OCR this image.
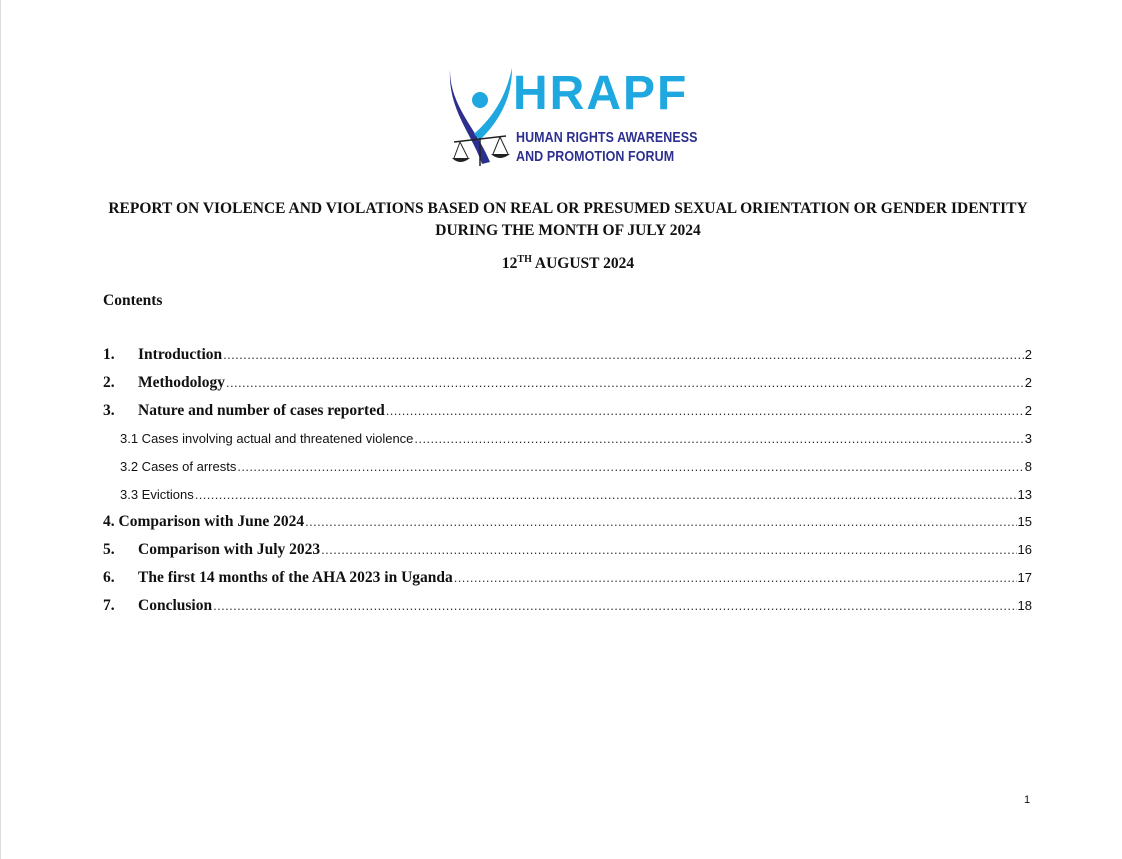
HRAPF
HUMAN RIGHTS AWARENESS
AND PROMOTION FORUM
REPORT ON VIOLENCE AND VIOLATIONS BASED ON REAL OR PRESUMED SEXUAL ORIENTATION OR GENDER IDENTITY DURING THE MONTH OF JULY 2024
12TH AUGUST 2024
Contents
1.	Introduction .....	2
2.	Methodology .....	2
3.	Nature and number of cases reported .....	2
3.1 Cases involving actual and threatened violence .....	3
3.2 Cases of arrests .....	8
3.3 Evictions .....	13
4. Comparison with June 2024 .....	15
5.	Comparison with July 2023 .....	16
6.	The first 14 months of the AHA 2023 in Uganda .....	17
7.	Conclusion .....	18
1
